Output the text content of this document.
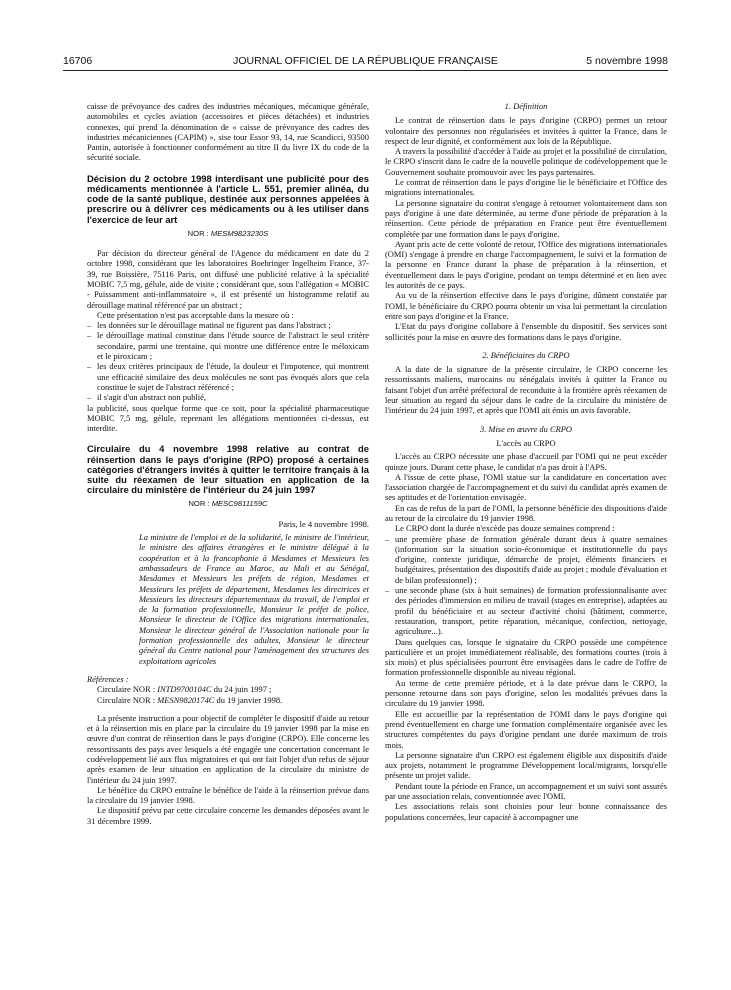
16706	JOURNAL OFFICIEL DE LA RÉPUBLIQUE FRANÇAISE	5 novembre 1998

caisse de prévoyance des cadres des industries mécaniques, mécanique générale, automobiles et cycles aviation (accessoires et pièces détachées) et industries connexes, qui prend la dénomination de « caisse de prévoyance des cadres des industries mécaniciennes (CAPIM) », sise tour Essor 93, 14, rue Scandicci, 93500 Pantin, autorisée à fonctionner conformément au titre II du livre IX du code de la sécurité sociale.

Décision du 2 octobre 1998 interdisant une publicité pour des médicaments mentionnée à l'article L. 551, premier alinéa, du code de la santé publique, destinée aux personnes appelées à prescrire ou à délivrer ces médicaments ou à les utiliser dans l'exercice de leur art
NOR : MESM9823230S

Par décision du directeur général de l'Agence du médicament en date du 2 octobre 1998, considérant que les laboratoires Boehringer Ingelheim France, 37-39, rue Boissière, 75116 Paris, ont diffusé une publicité relative à la spécialité MOBIC 7,5 mg, gélule, aide de visite ; considérant que, sous l'allégation « MOBIC - Puissamment anti-inflammatoire », il est présenté un histogramme relatif au dérouillage matinal référencé par un abstract ;

Cette présentation n'est pas acceptable dans la mesure où :

– les données sur le dérouillage matinal ne figurent pas dans l'abstract ;
– le dérouillage matinal constitue dans l'étude source de l'abstract le seul critère secondaire, parmi une trentaine, qui montre une différence entre le méloxicam et le piroxicam ;
– les deux critères principaux de l'étude, la douleur et l'impotence, qui montrent une efficacité similaire des deux molécules ne sont pas évoqués alors que cela constitue le sujet de l'abstract référencé ;
– il s'agit d'un abstract non publié,

la publicité, sous quelque forme que ce soit, pour la spécialité pharmaceutique MOBIC 7,5 mg, gélule, reprenant les allégations mentionnées ci-dessus, est interdite.

Circulaire du 4 novembre 1998 relative au contrat de réinsertion dans le pays d'origine (RPO) proposé à certaines catégories d'étrangers invités à quitter le territoire français à la suite du réexamen de leur situation en application de la circulaire du ministère de l'intérieur du 24 juin 1997
NOR : MESC9811159C
Paris, le 4 novembre 1998.
La ministre de l'emploi et de la solidarité, le ministre de l'intérieur, le ministre des affaires étrangères et le ministre délégué à la coopération et à la francophonie à Mesdames et Messieurs les ambassadeurs de France au Maroc, au Mali et au Sénégal, Mesdames et Messieurs les préfets de région, Mesdames et Messieurs les préfets de département, Mesdames les directrices et Messieurs les directeurs départementaux du travail, de l'emploi et de la formation professionnelle, Monsieur le préfet de police, Monsieur le directeur de l'Office des migrations internationales, Monsieur le directeur général de l'Association nationale pour la formation professionnelle des adultes, Monsieur le directeur général du Centre national pour l'aménagement des structures des exploitations agricoles

Références :

Circulaire NOR : INTD9700104C du 24 juin 1997 ;

Circulaire NOR : MESN9820174C du 19 janvier 1998.

La présente instruction a pour objectif de compléter le dispositif d'aide au retour et à la réinsertion mis en place par la circulaire du 19 janvier 1998 par la mise en œuvre d'un contrat de réinsertion dans le pays d'origine (CRPO). Elle concerne les ressortissants des pays avec lesquels a été engagée une concertation concernant le codéveloppement lié aux flux migratoires et qui ont fait l'objet d'un refus de séjour après examen de leur situation en application de la circulaire du ministre de l'intérieur du 24 juin 1997.

Le bénéfice du CRPO entraîne le bénéfice de l'aide à la réinsertion prévue dans la circulaire du 19 janvier 1998.

Le dispositif prévu par cette circulaire concerne les demandes déposées avant le 31 décembre 1999.

1. Définition

Le contrat de réinsertion dans le pays d'origine (CRPO) permet un retour volontaire des personnes non régularisées et invitées à quitter la France, dans le respect de leur dignité, et conformément aux lois de la République.

A travers la possibilité d'accéder à l'aide au projet et la possibilité de circulation, le CRPO s'inscrit dans le cadre de la nouvelle politique de codéveloppement que le Gouvernement souhaite promouvoir avec les pays partenaires.

Le contrat de réinsertion dans le pays d'origine lie le bénéficiaire et l'Office des migrations internationales.

La personne signataire du contrat s'engage à retourner volontairement dans son pays d'origine à une date déterminée, au terme d'une période de préparation à la réinsertion. Cette période de préparation en France peut être éventuellement complétée par une formation dans le pays d'origine.

Ayant pris acte de cette volonté de retour, l'Office des migrations internationales (OMI) s'engage à prendre en charge l'accompagnement, le suivi et la formation de la personne en France durant la phase de préparation à la réinsertion, et éventuellement dans le pays d'origine, pendant un temps déterminé et en lien avec les autorités de ce pays.

Au vu de la réinsertion effective dans le pays d'origine, dûment constatée par l'OMI, le bénéficiaire du CRPO pourra obtenir un visa lui permettant la circulation entre son pays d'origine et la France.

L'Etat du pays d'origine collabore à l'ensemble du dispositif. Ses services sont sollicités pour la mise en œuvre des formations dans le pays d'origine.

2. Bénéficiaires du CRPO

A la date de la signature de la présente circulaire, le CRPO concerne les ressortissants maliens, marocains ou sénégalais invités à quitter la France ou faisant l'objet d'un arrêté préfectoral de reconduite à la frontière après réexamen de leur situation au regard du séjour dans le cadre de la circulaire du ministère de l'intérieur du 24 juin 1997, et après que l'OMI ait émis un avis favorable.

3. Mise en œuvre du CRPO
L'accès au CRPO

L'accès au CRPO nécessite une phase d'accueil par l'OMI qui ne peut excéder quinze jours. Durant cette phase, le candidat n'a pas droit à l'APS.

A l'issue de cette phase, l'OMI statue sur la candidature en concertation avec l'association chargée de l'accompagnement et du suivi du candidat après examen de ses aptitudes et de l'orientation envisagée.

En cas de refus de la part de l'OMI, la personne bénéficie des dispositions d'aide au retour de la circulaire du 19 janvier 1998.

Le CRPO dont la durée n'excède pas douze semaines comprend :

– une première phase de formation générale durant deux à quatre semaines (information sur la situation socio-économique et institutionnelle du pays d'origine, contexte juridique, démarche de projet, éléments financiers et budgétaires, présentation des dispositifs d'aide au projet ; module d'évaluation et de bilan professionnel) ;
– une seconde phase (six à huit semaines) de formation professionnalisante avec des périodes d'immersion en milieu de travail (stages en entreprise), adaptées au profil du bénéficiaire et au secteur d'activité choisi (bâtiment, commerce, restauration, transport, petite réparation, mécanique, confection, nettoyage, agriculture...).

Dans quelques cas, lorsque le signataire du CRPO possède une compétence particulière et un projet immédiatement réalisable, des formations courtes (trois à six mois) et plus spécialisées pourront être envisagées dans le cadre de l'offre de formation professionnelle disponible au niveau régional.

Au terme de cette première période, et à la date prévue dans le CRPO, la personne retourne dans son pays d'origine, selon les modalités prévues dans la circulaire du 19 janvier 1998.

Elle est accueillie par la représentation de l'OMI dans le pays d'origine qui prend éventuellement en charge une formation complémentaire organisée avec les structures compétentes du pays d'origine pendant une durée maximum de trois mois.

La personne signataire d'un CRPO est également éligible aux dispositifs d'aide aux projets, notamment le programme Développement local/migrants, lorsqu'elle présente un projet valide.

Pendant toute la période en France, un accompagnement et un suivi sont assurés par une association relais, conventionnée avec l'OMI.

Les associations relais sont choisies pour leur bonne connaissance des populations concernées, leur capacité à accompagner une
